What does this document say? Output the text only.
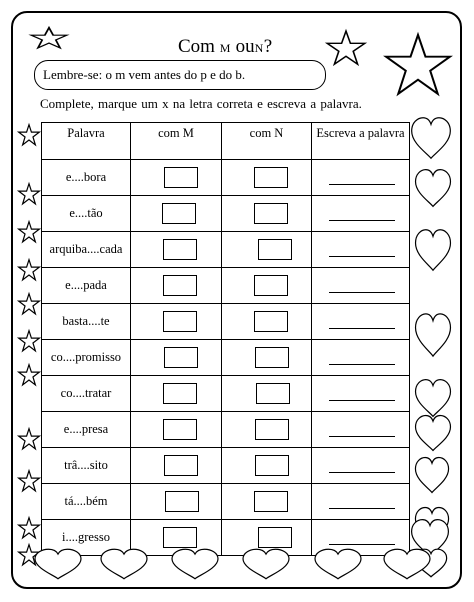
Com M ouN?
Lembre-se: o m vem antes do p e do b.
Complete, marque um x na letra correta e escreva a palavra.
Palavra	com M	com N	Escreva a palavra
e....bora	

e....tão	

arquiba....cada	

e....pada	

basta....te	

co....promisso	

co....tratar	

e....presa	

trâ....sito	

tá....bém	

i....gresso	
